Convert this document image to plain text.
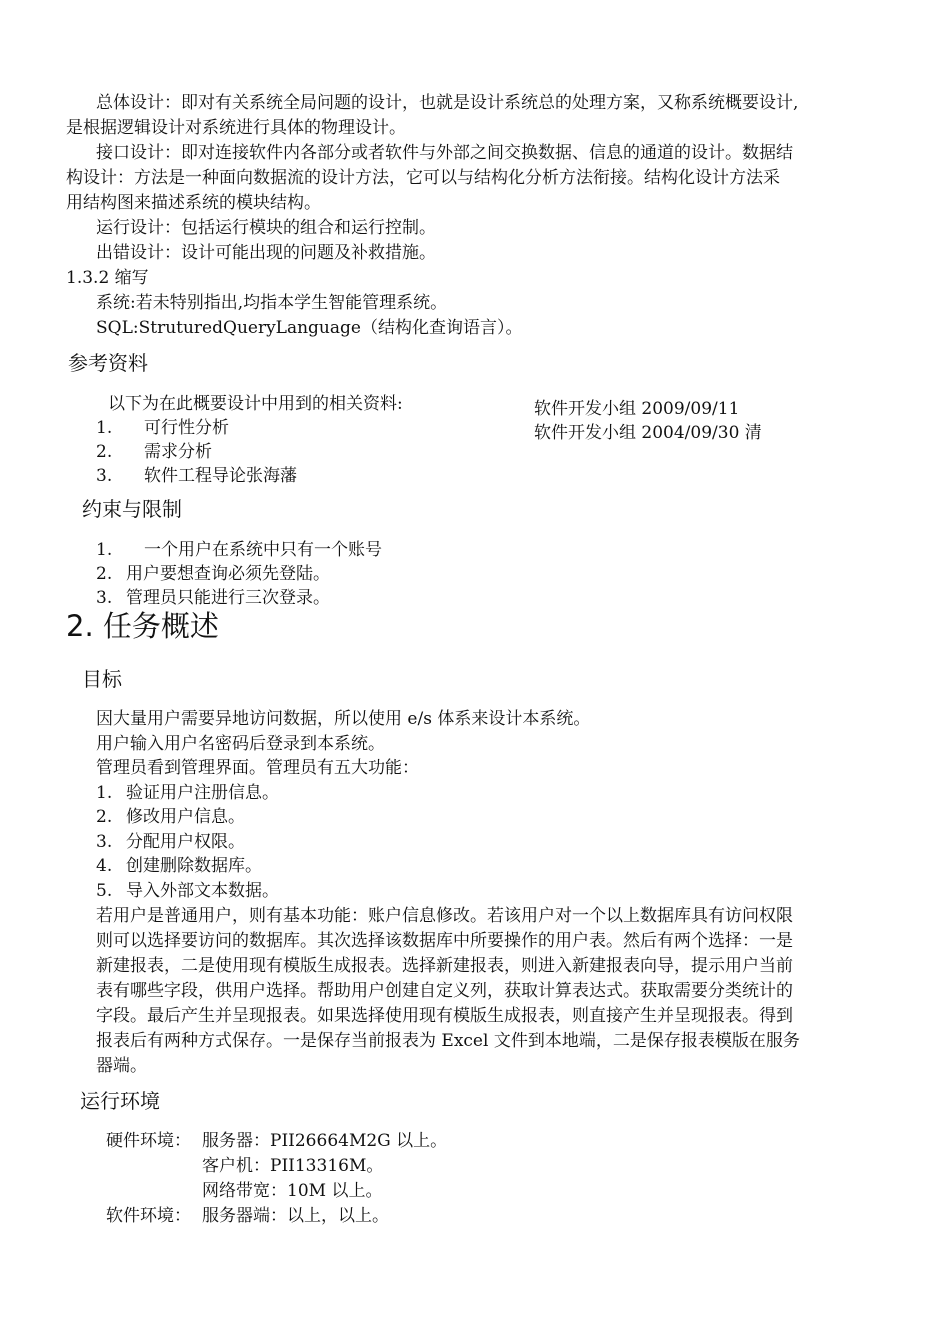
总体设计：即对有关系统全局问题的设计，也就是设计系统总的处理方案，又称系统概要设计,
是根据逻辑设计对系统进行具体的物理设计。
接口设计：即对连接软件内各部分或者软件与外部之间交换数据、信息的通道的设计。数据结
构设计：方法是一种面向数据流的设计方法，它可以与结构化分析方法衔接。结构化设计方法采
用结构图来描述系统的模块结构。
运行设计：包括运行模块的组合和运行控制。
出错设计：设计可能出现的问题及补救措施。
1.3.2 缩写
系统:若未特别指出,均指本学生智能管理系统。
SQL:StruturedQueryLanguage（结构化查询语言）。
参考资料
以下为在此概要设计中用到的相关资料:	软件开发小组 2009/09/11
软件开发小组 2004/09/30 清
1. 可行性分析
2. 需求分析
3. 软件工程导论张海藩
约束与限制
1. 一个用户在系统中只有一个账号
2. 用户要想查询必须先登陆。
3. 管理员只能进行三次登录。
2. 任务概述
目标
因大量用户需要异地访问数据，所以使用 e/s 体系来设计本系统。
用户输入用户名密码后登录到本系统。
管理员看到管理界面。管理员有五大功能：
1. 验证用户注册信息。
2. 修改用户信息。
3. 分配用户权限。
4. 创建删除数据库。
5. 导入外部文本数据。
若用户是普通用户，则有基本功能：账户信息修改。若该用户对一个以上数据库具有访问权限
则可以选择要访问的数据库。其次选择该数据库中所要操作的用户表。然后有两个选择：一是
新建报表，二是使用现有模版生成报表。选择新建报表，则进入新建报表向导，提示用户当前
表有哪些字段，供用户选择。帮助用户创建自定义列，获取计算表达式。获取需要分类统计的
字段。最后产生并呈现报表。如果选择使用现有模版生成报表，则直接产生并呈现报表。得到
报表后有两种方式保存。一是保存当前报表为 Excel 文件到本地端，二是保存报表模版在服务
器端。
运行环境
硬件环境： 服务器：PII26664M2G 以上。
客户机：PII13316M。
网络带宽：10M 以上。
软件环境： 服务器端：以上，以上。
